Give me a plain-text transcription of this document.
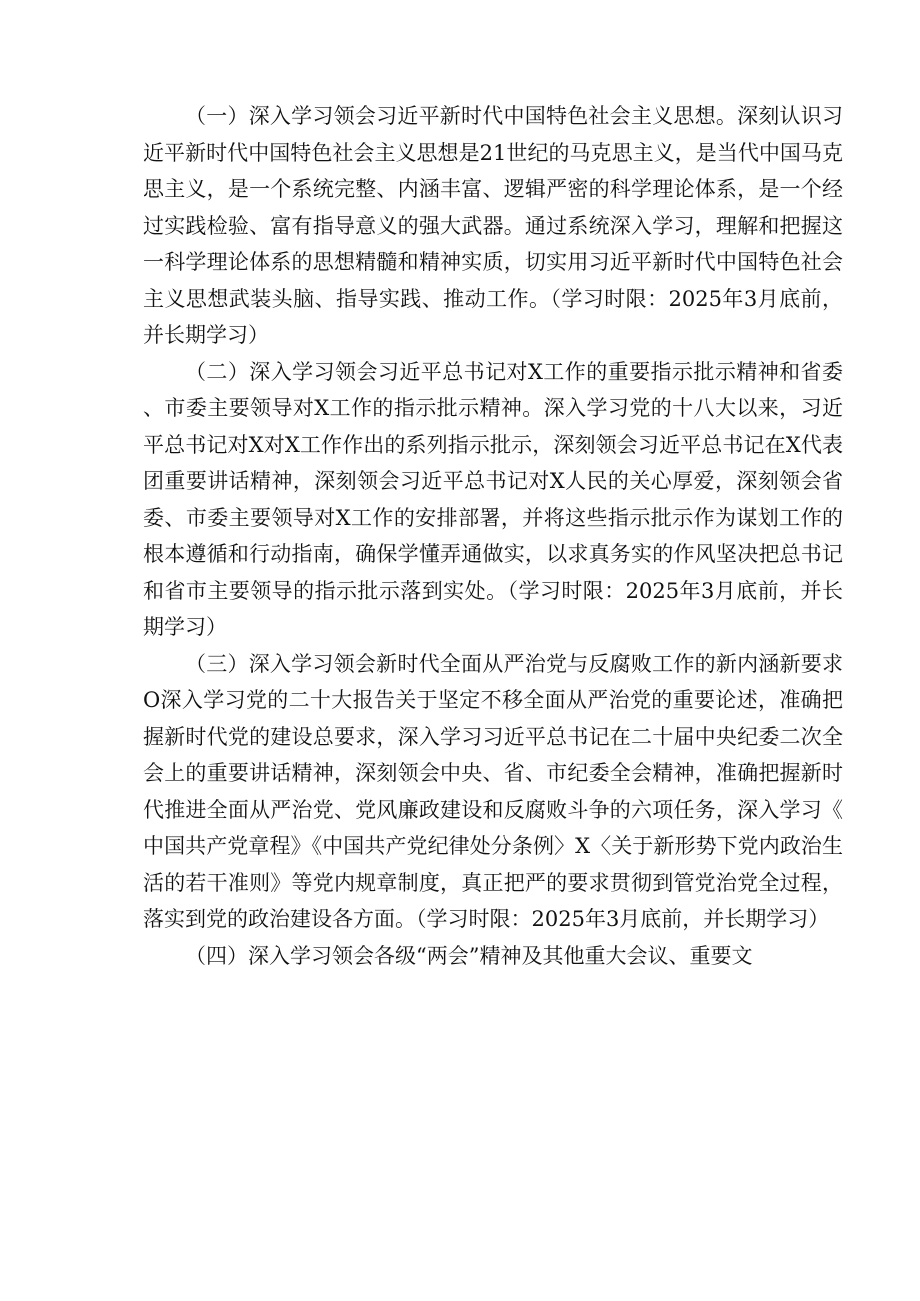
（一）深入学习领会习近平新时代中国特色社会主义思想。深刻认识习近平新时代中国特色社会主义思想是21世纪的马克思主义，是当代中国马克思主义，是一个系统完整、内涵丰富、逻辑严密的科学理论体系，是一个经过实践检验、富有指导意义的强大武器。通过系统深入学习，理解和把握这一科学理论体系的思想精髓和精神实质，切实用习近平新时代中国特色社会主义思想武装头脑、指导实践、推动工作。（学习时限：2025年3月底前，并长期学习）

（二）深入学习领会习近平总书记对X工作的重要指示批示精神和省委、市委主要领导对X工作的指示批示精神。深入学习党的十八大以来，习近平总书记对X对X工作作出的系列指示批示，深刻领会习近平总书记在X代表团重要讲话精神，深刻领会习近平总书记对X人民的关心厚爱，深刻领会省委、市委主要领导对X工作的安排部署，并将这些指示批示作为谋划工作的根本遵循和行动指南，确保学懂弄通做实，以求真务实的作风坚决把总书记和省市主要领导的指示批示落到实处。（学习时限：2025年3月底前，并长期学习）

（三）深入学习领会新时代全面从严治党与反腐败工作的新内涵新要求O深入学习党的二十大报告关于坚定不移全面从严治党的重要论述，准确把握新时代党的建设总要求，深入学习习近平总书记在二十届中央纪委二次全会上的重要讲话精神，深刻领会中央、省、市纪委全会精神，准确把握新时代推进全面从严治党、党风廉政建设和反腐败斗争的六项任务，深入学习《中国共产党章程》《中国共产党纪律处分条例〉X〈关于新形势下党内政治生活的若干准则》等党内规章制度，真正把严的要求贯彻到管党治党全过程，落实到党的政治建设各方面。（学习时限：2025年3月底前，并长期学习）

（四）深入学习领会各级“两会”精神及其他重大会议、重要文
